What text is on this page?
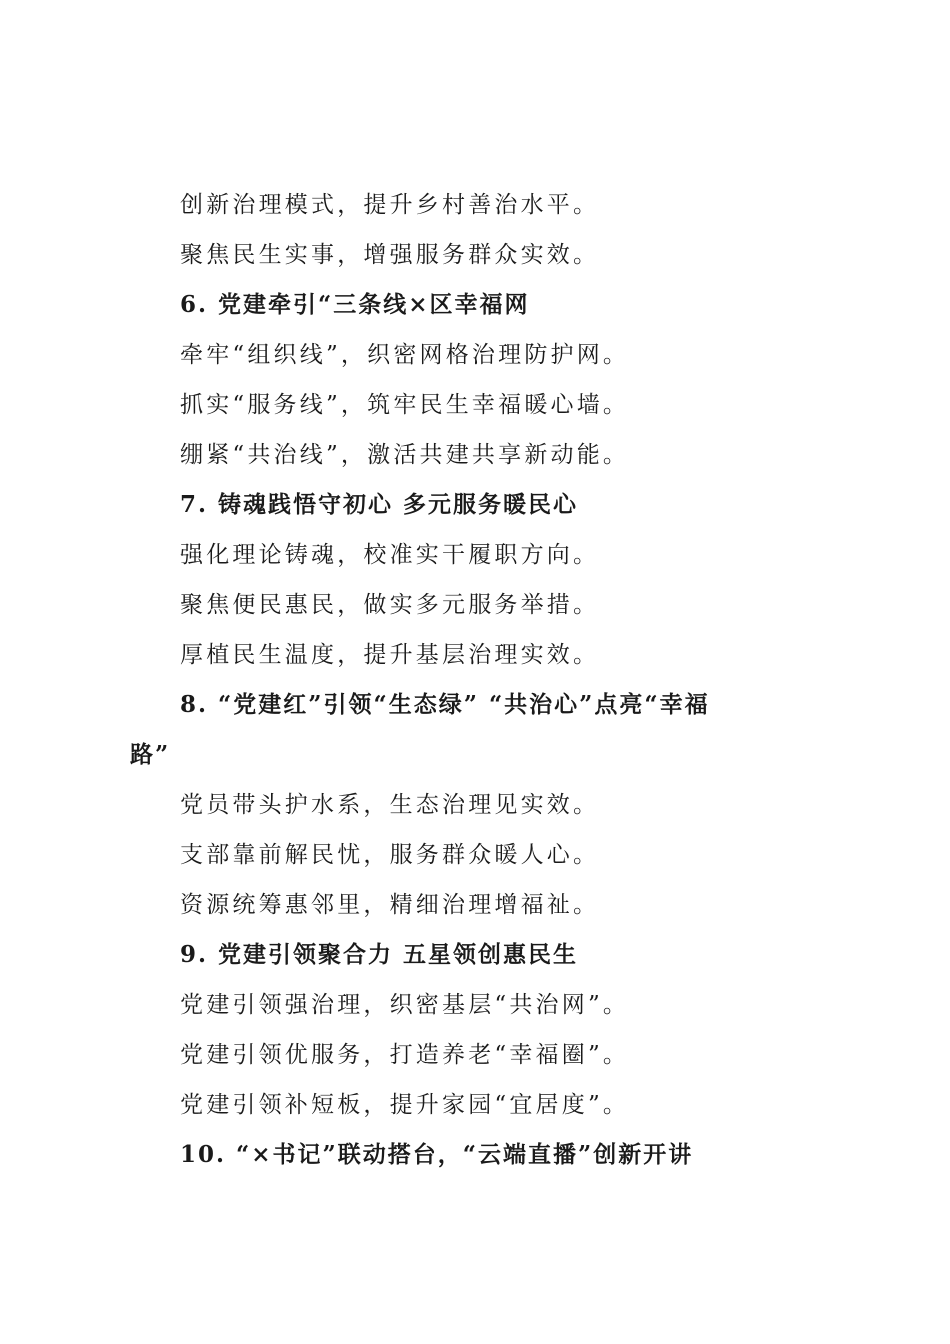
创新治理模式，提升乡村善治水平。
聚焦民生实事，增强服务群众实效。
6. 党建牵引“三条线×区幸福网
牵牢“组织线”，织密网格治理防护网。
抓实“服务线”，筑牢民生幸福暖心墙。
绷紧“共治线”，激活共建共享新动能。
7. 铸魂践悟守初心 多元服务暖民心
强化理论铸魂，校准实干履职方向。
聚焦便民惠民，做实多元服务举措。
厚植民生温度，提升基层治理实效。
8. “党建红”引领“生态绿” “共治心”点亮“幸福
路”
党员带头护水系，生态治理见实效。
支部靠前解民忧，服务群众暖人心。
资源统筹惠邻里，精细治理增福祉。
9. 党建引领聚合力 五星领创惠民生
党建引领强治理，织密基层“共治网”。
党建引领优服务，打造养老“幸福圈”。
党建引领补短板，提升家园“宜居度”。
10. “×书记”联动搭台，“云端直播”创新开讲
